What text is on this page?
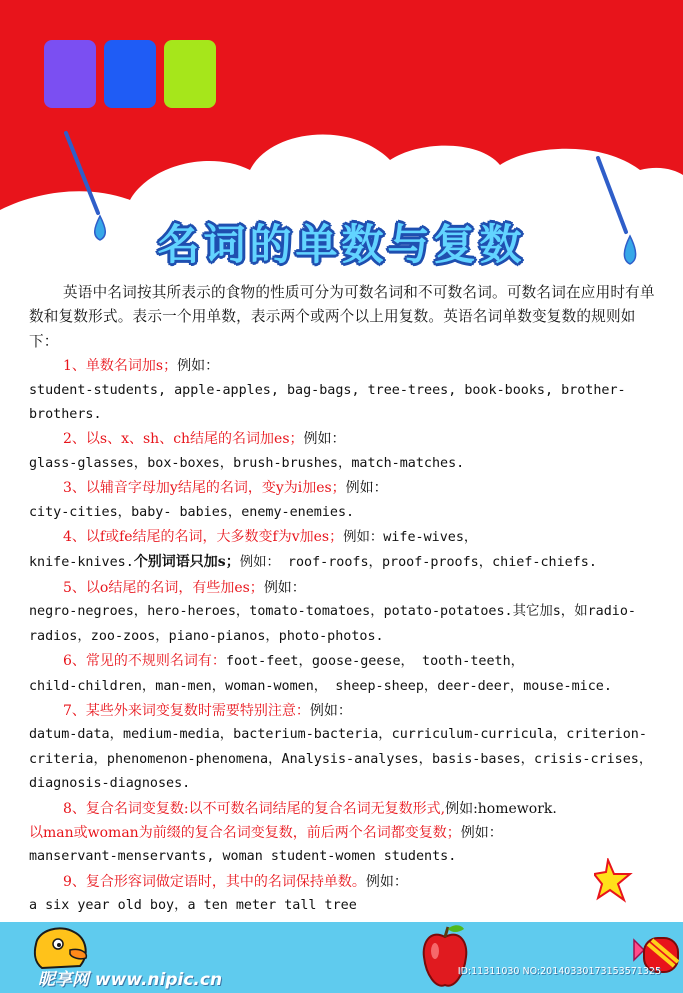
名词的单数与复数

英语中名词按其所表示的食物的性质可分为可数名词和不可数名词。可数名词在应用时有单数和复数形式。表示一个用单数，表示两个或两个以上用复数。英语名词单数变复数的规则如下：

1、单数名词加s；例如：

student-students, apple-apples, bag-bags, tree-trees, book-books, brother-brothers.

2、以s、x、sh、ch结尾的名词加es；例如：

glass-glasses，box-boxes，brush-brushes，match-matches.

3、以辅音字母加y结尾的名词，变y为i加es；例如：

city-cities，baby- babies，enemy-enemies.

4、以f或fe结尾的名词，大多数变f为v加es；例如：wife-wives，

knife-knives.个别词语只加s；例如： roof-roofs，proof-proofs，chief-chiefs.

5、以o结尾的名词，有些加es；例如：

negro-negroes，hero-heroes，tomato-tomatoes，potato-potatoes.其它加s，如radio-radios，zoo-zoos，piano-pianos，photo-photos.

6、常见的不规则名词有：foot-feet，goose-geese， tooth-teeth，

child-children，man-men，woman-women， sheep-sheep，deer-deer，mouse-mice.

7、某些外来词变复数时需要特别注意：例如：

datum-data，medium-media，bacterium-bacteria，curriculum-curricula，criterion-criteria，phenomenon-phenomena，Analysis-analyses，basis-bases，crisis-crises， diagnosis-diagnoses.

8、复合名词变复数:以不可数名词结尾的复合名词无复数形式,例如:homework.

以man或woman为前缀的复合名词变复数，前后两个名词都变复数；例如：

manservant-menservants, woman student-women students.

9、复合形容词做定语时，其中的名词保持单数。例如：

a six year old boy，a ten meter tall tree

昵享网 www.nipic.cn	ID:11311030 NO:20140330173153571325
